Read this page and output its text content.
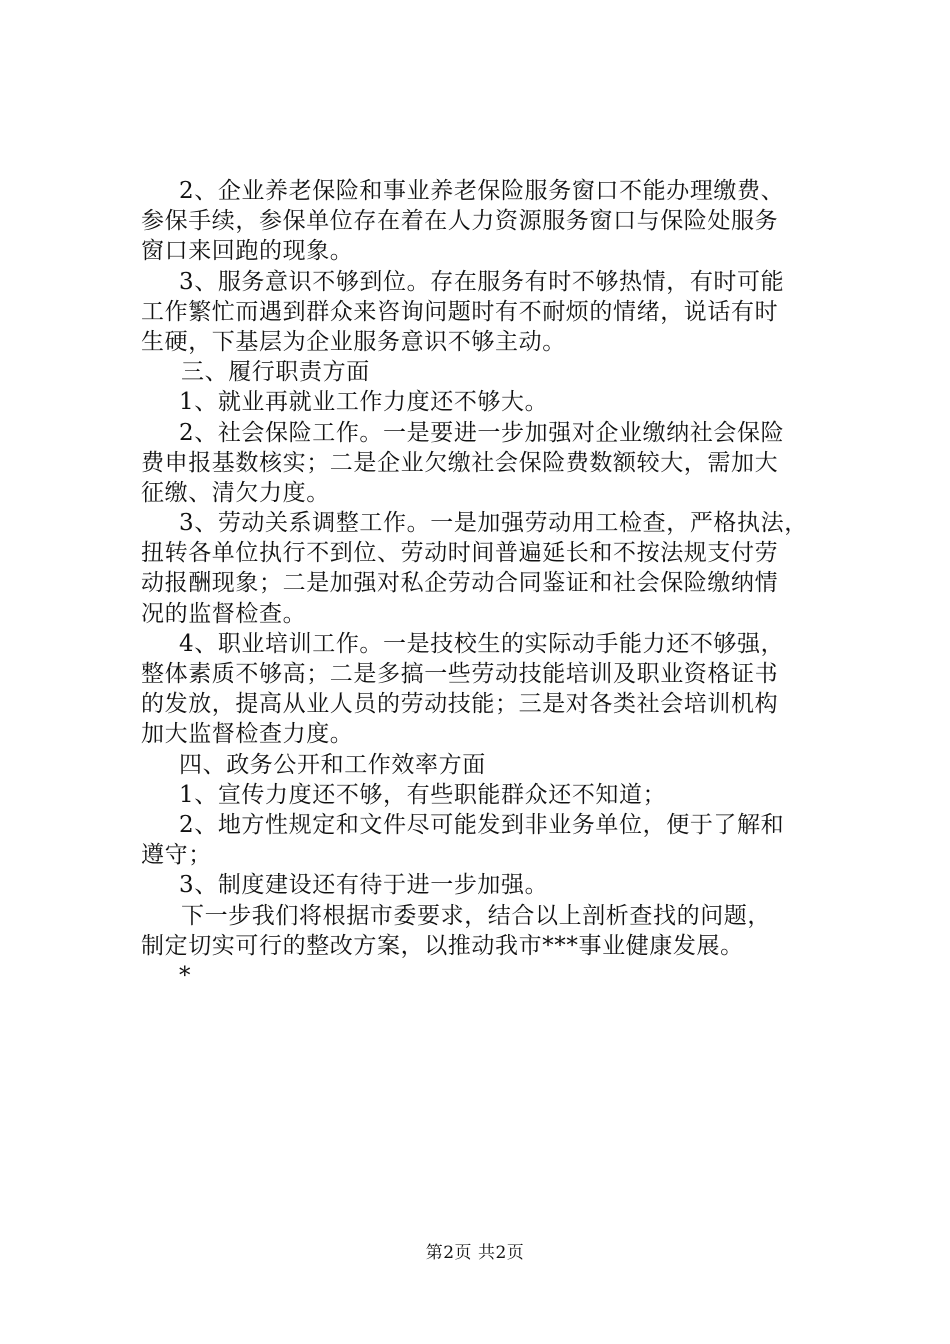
2、企业养老保险和事业养老保险服务窗口不能办理缴费、
参保手续，参保单位存在着在人力资源服务窗口与保险处服务
窗口来回跑的现象。
3、服务意识不够到位。存在服务有时不够热情，有时可能
工作繁忙而遇到群众来咨询问题时有不耐烦的情绪，说话有时
生硬，下基层为企业服务意识不够主动。
三、履行职责方面
1、就业再就业工作力度还不够大。
2、社会保险工作。一是要进一步加强对企业缴纳社会保险
费申报基数核实；二是企业欠缴社会保险费数额较大，需加大
征缴、清欠力度。
3、劳动关系调整工作。一是加强劳动用工检查，严格执法，
扭转各单位执行不到位、劳动时间普遍延长和不按法规支付劳
动报酬现象；二是加强对私企劳动合同鉴证和社会保险缴纳情
况的监督检查。
4、职业培训工作。一是技校生的实际动手能力还不够强，
整体素质不够高；二是多搞一些劳动技能培训及职业资格证书
的发放，提高从业人员的劳动技能；三是对各类社会培训机构
加大监督检查力度。
四、政务公开和工作效率方面
1、宣传力度还不够，有些职能群众还不知道；
2、地方性规定和文件尽可能发到非业务单位，便于了解和
遵守；
3、制度建设还有待于进一步加强。
下一步我们将根据市委要求，结合以上剖析查找的问题，
制定切实可行的整改方案，以推动我市***事业健康发展。
*
第2页 共2页
